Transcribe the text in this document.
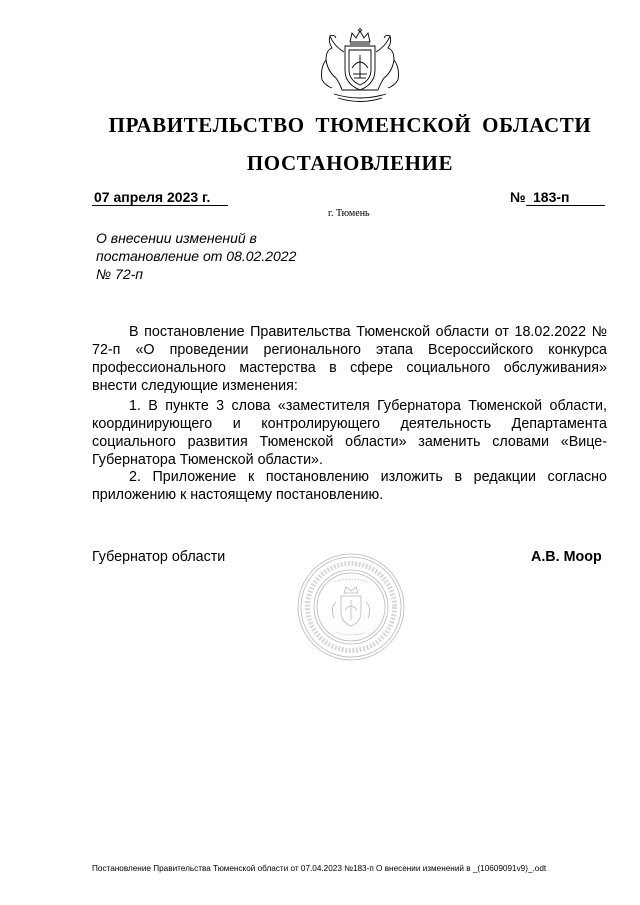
ПРАВИТЕЛЬСТВО ТЮМЕНСКОЙ ОБЛАСТИ
ПОСТАНОВЛЕНИЕ
07 апреля 2023 г.	№ 183-п
г. Тюмень
О внесении изменений в
постановление от 08.02.2022
№ 72-п
В постановление Правительства Тюменской области от 18.02.2022 № 72-п «О проведении регионального этапа Всероссийского конкурса профессионального мастерства в сфере социального обслуживания» внести следующие изменения:
1. В пункте 3 слова «заместителя Губернатора Тюменской области, координирующего и контролирующего деятельность Департамента социального развития Тюменской области» заменить словами «Вице-Губернатора Тюменской области».
2. Приложение к постановлению изложить в редакции согласно приложению к настоящему постановлению.
Губернатор области	А.В. Моор
Постановление Правительства Тюменской области от 07.04.2023 №183-п О внесении изменений в _(10609091v9)_.odt
